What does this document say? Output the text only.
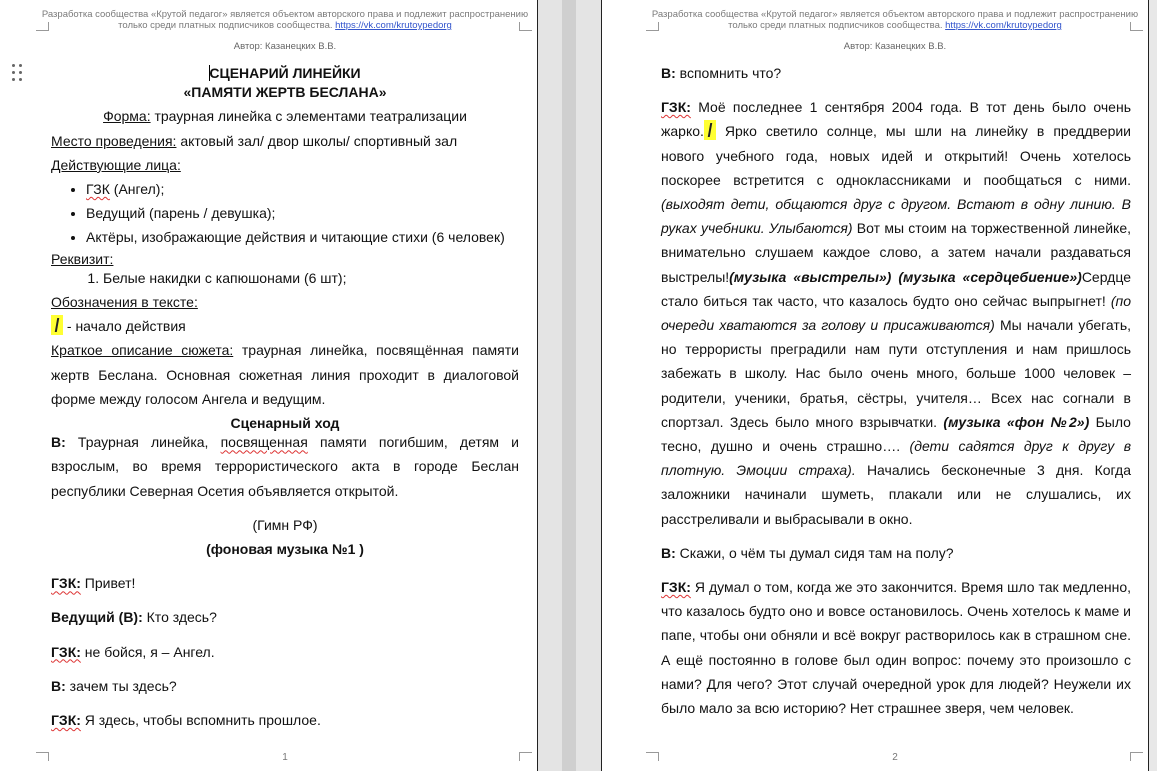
Разработка сообщества «Крутой педагог» является объектом авторского права и подлежит распространению
только среди платных подписчиков сообщества. https://vk.com/krutoypedorg
Автор: Казанецких В.В.

СЦЕНАРИЙ ЛИНЕЙКИ

«ПАМЯТИ ЖЕРТВ БЕСЛАНА»

Форма: траурная линейка с элементами театрализации

Место проведения: актовый зал/ двор школы/ спортивный зал

Действующие лица:

• ГЗК (Ангел);
• Ведущий (парень / девушка);
• Актёры, изображающие действия и читающие стихи (6 человек)

Реквизит:

1. Белые накидки с капюшонами (6 шт);

Обозначения в тексте:

- начало действия

Краткое описание сюжета: траурная линейка, посвящённая памяти жертв Беслана. Основная сюжетная линия проходит в диалоговой форме между голосом Ангела и ведущим.

Сценарный ход

В: Траурная линейка, посвященная памяти погибшим, детям и взрослым, во время террористического акта в городе Беслан республики Северная Осетия объявляется открытой.

(Гимн РФ)

(фоновая музыка №1 )

ГЗК: Привет!

Ведущий (В): Кто здесь?

ГЗК: не бойся, я – Ангел.

В: зачем ты здесь?

ГЗК: Я здесь, чтобы вспомнить прошлое.

1
Разработка сообщества «Крутой педагог» является объектом авторского права и подлежит распространению
только среди платных подписчиков сообщества. https://vk.com/krutoypedorg
Автор: Казанецких В.В.

В: вспомнить что?

ГЗК: Моё последнее 1 сентября 2004 года. В тот день было очень жарко. Ярко светило солнце, мы шли на линейку в преддверии нового учебного года, новых идей и открытий! Очень хотелось поскорее встретится с одноклассниками и пообщаться с ними. (выходят дети, общаются друг с другом. Встают в одну линию. В руках учебники. Улыбаются) Вот мы стоим на торжественной линейке, внимательно слушаем каждое слово, а затем начали раздаваться выстрелы!(музыка «выстрелы») (музыка «сердцебиение»)Сердце стало биться так часто, что казалось будто оно сейчас выпрыгнет! (по очереди хватаются за голову и присаживаются) Мы начали убегать, но террористы преградили нам пути отступления и нам пришлось забежать в школу. Нас было очень много, больше 1000 человек – родители, ученики, братья, сёстры, учителя… Всех нас согнали в спортзал. Здесь было много взрывчатки. (музыка «фон №2») Было тесно, душно и очень страшно…. (дети садятся друг к другу в плотную. Эмоции страха). Начались бесконечные 3 дня. Когда заложники начинали шуметь, плакали или не слушались, их расстреливали и выбрасывали в окно.

В: Скажи, о чём ты думал сидя там на полу?

ГЗК: Я думал о том, когда же это закончится. Время шло так медленно, что казалось будто оно и вовсе остановилось. Очень хотелось к маме и папе, чтобы они обняли и всё вокруг растворилось как в страшном сне. А ещё постоянно в голове был один вопрос: почему это произошло с нами? Для чего? Этот случай очередной урок для людей? Неужели их было мало за всю историю? Нет страшнее зверя, чем человек.

2
